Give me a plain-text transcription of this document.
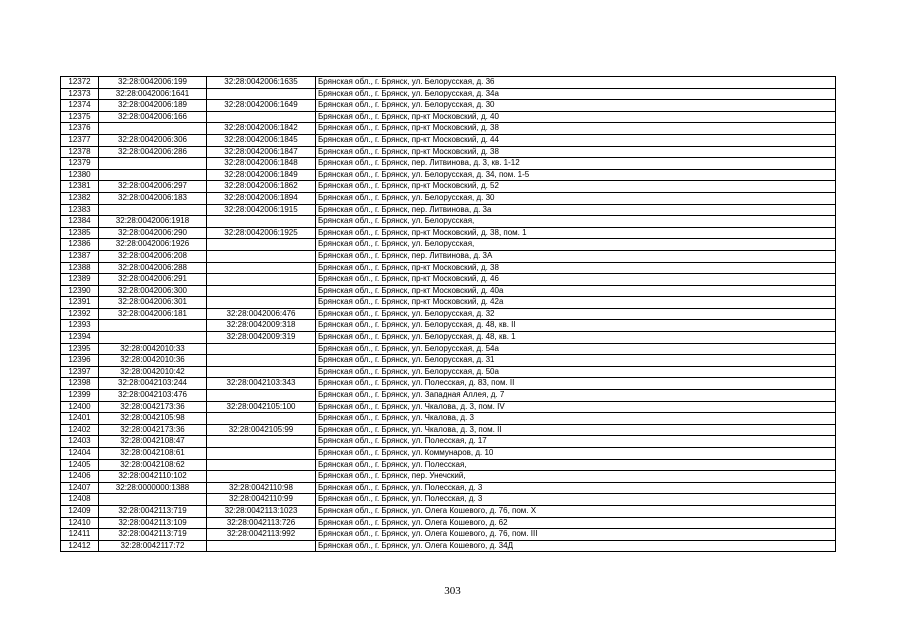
12372	32:28:0042006:199	32:28:0042006:1635	Брянская обл., г. Брянск, ул. Белорусская, д. 36
12373	32:28:0042006:1641		Брянская обл., г. Брянск, ул. Белорусская, д. 34а
12374	32:28:0042006:189	32:28:0042006:1649	Брянская обл., г. Брянск, ул. Белорусская, д. 30
12375	32:28:0042006:166		Брянская обл., г. Брянск, пр-кт Московский, д. 40
12376		32:28:0042006:1842	Брянская обл., г. Брянск, пр-кт Московский, д. 38
12377	32:28:0042006:306	32:28:0042006:1845	Брянская обл., г. Брянск, пр-кт Московский, д. 44
12378	32:28:0042006:286	32:28:0042006:1847	Брянская обл., г. Брянск, пр-кт Московский, д. 38
12379		32:28:0042006:1848	Брянская обл., г. Брянск, пер. Литвинова, д. 3, кв. 1-12
12380		32:28:0042006:1849	Брянская обл., г. Брянск, ул. Белорусская, д. 34, пом. 1-5
12381	32:28:0042006:297	32:28:0042006:1862	Брянская обл., г. Брянск, пр-кт Московский, д. 52
12382	32:28:0042006:183	32:28:0042006:1894	Брянская обл., г. Брянск, ул. Белорусская, д. 30
12383		32:28:0042006:1915	Брянская обл., г. Брянск, пер. Литвинова, д. 3а
12384	32:28:0042006:1918		Брянская обл., г. Брянск, ул. Белорусская,
12385	32:28:0042006:290	32:28:0042006:1925	Брянская обл., г. Брянск, пр-кт Московский, д. 38, пом. 1
12386	32:28:0042006:1926		Брянская обл., г. Брянск, ул. Белорусская,
12387	32:28:0042006:208		Брянская обл., г. Брянск, пер. Литвинова, д. 3А
12388	32:28:0042006:288		Брянская обл., г. Брянск, пр-кт Московский, д. 38
12389	32:28:0042006:291		Брянская обл., г. Брянск, пр-кт Московский, д. 46
12390	32:28:0042006:300		Брянская обл., г. Брянск, пр-кт Московский, д. 40а
12391	32:28:0042006:301		Брянская обл., г. Брянск, пр-кт Московский, д. 42а
12392	32:28:0042006:181	32:28:0042006:476	Брянская обл., г. Брянск, ул. Белорусская, д. 32
12393		32:28:0042009:318	Брянская обл., г. Брянск, ул. Белорусская, д. 48, кв. II
12394		32:28:0042009:319	Брянская обл., г. Брянск, ул. Белорусская, д. 48, кв. 1
12395	32:28:0042010:33		Брянская обл., г. Брянск, ул. Белорусская, д. 54а
12396	32:28:0042010:36		Брянская обл., г. Брянск, ул. Белорусская, д. 31
12397	32:28:0042010:42		Брянская обл., г. Брянск, ул. Белорусская, д. 50а
12398	32:28:0042103:244	32:28:0042103:343	Брянская обл., г. Брянск, ул. Полесская, д. 83, пом. II
12399	32:28:0042103:476		Брянская обл., г. Брянск, ул. Западная Аллея, д. 7
12400	32:28:0042173:36	32:28:0042105:100	Брянская обл., г. Брянск, ул. Чкалова, д. 3, пом. IV
12401	32:28:0042105:98		Брянская обл., г. Брянск, ул. Чкалова, д. 3
12402	32:28:0042173:36	32:28:0042105:99	Брянская обл., г. Брянск, ул. Чкалова, д. 3, пом. II
12403	32:28:0042108:47		Брянская обл., г. Брянск, ул. Полесская, д. 17
12404	32:28:0042108:61		Брянская обл., г. Брянск, ул. Коммунаров, д. 10
12405	32:28:0042108:62		Брянская обл., г. Брянск, ул. Полесская,
12406	32:28:0042110:102		Брянская обл., г. Брянск, пер. Унечский,
12407	32:28:0000000:1388	32:28:0042110:98	Брянская обл., г. Брянск, ул. Полесская, д. 3
12408		32:28:0042110:99	Брянская обл., г. Брянск, ул. Полесская, д. 3
12409	32:28:0042113:719	32:28:0042113:1023	Брянская обл., г. Брянск, ул. Олега Кошевого, д. 76, пом. X
12410	32:28:0042113:109	32:28:0042113:726	Брянская обл., г. Брянск, ул. Олега Кошевого, д. 62
12411	32:28:0042113:719	32:28:0042113:992	Брянская обл., г. Брянск, ул. Олега Кошевого, д. 76, пом. III
12412	32:28:0042117:72		Брянская обл., г. Брянск, ул. Олега Кошевого, д. 34Д
303
